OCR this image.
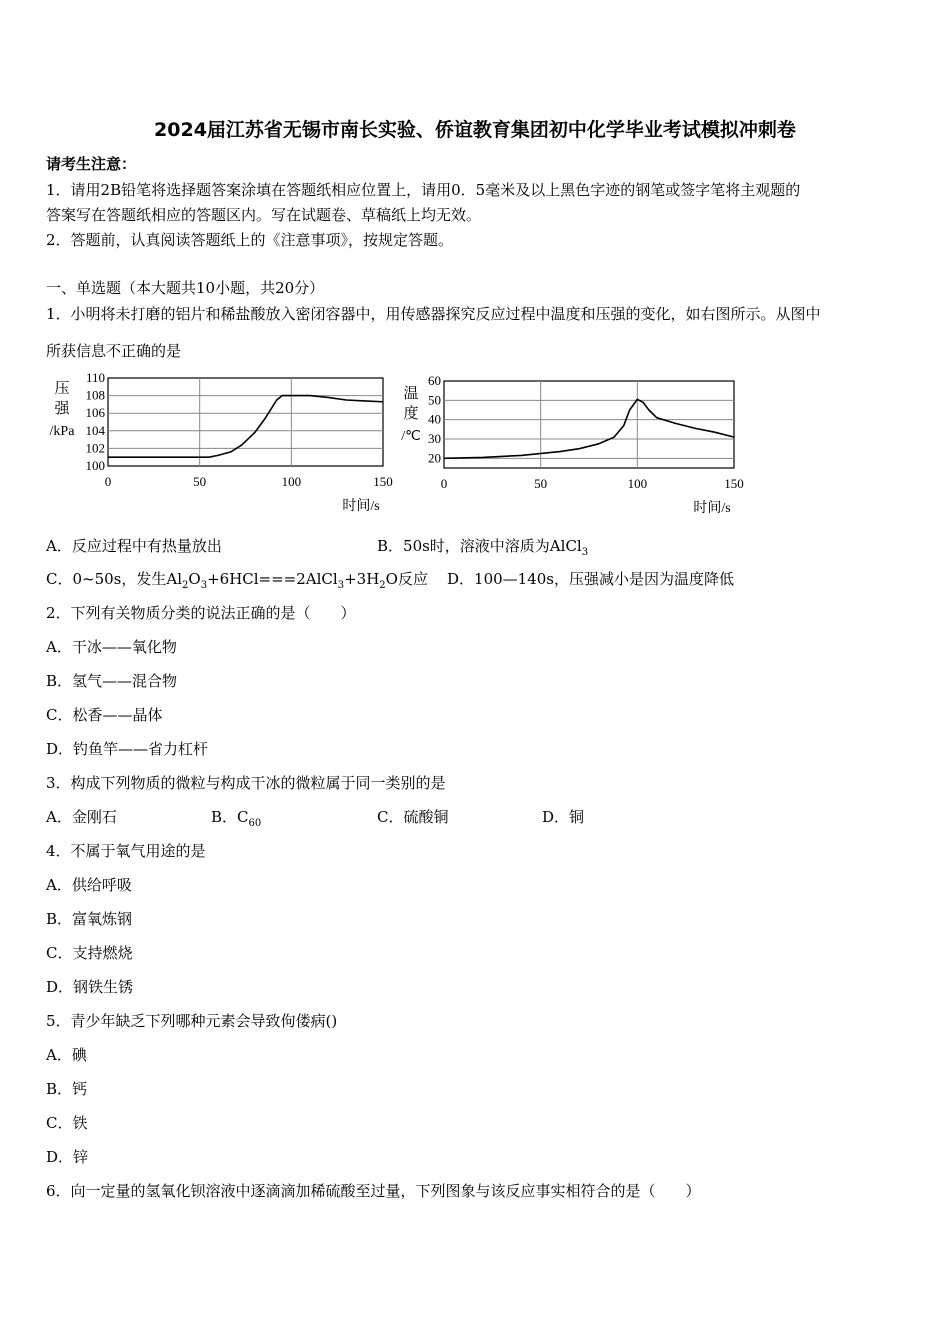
2024届江苏省无锡市南长实验、侨谊教育集团初中化学毕业考试模拟冲刺卷
请考生注意：
1．请用2B铅笔将选择题答案涂填在答题纸相应位置上，请用0．5毫米及以上黑色字迹的钢笔或签字笔将主观题的
答案写在答题纸相应的答题区内。写在试题卷、草稿纸上均无效。
2．答题前，认真阅读答题纸上的《注意事项》，按规定答题。
一、单选题（本大题共10小题，共20分）
1．小明将未打磨的铝片和稀盐酸放入密闭容器中，用传感器探究反应过程中温度和压强的变化，如右图所示。从图中
所获信息不正确的是
0	50	100	150
100
102
104
106
108
110
压
强
/kPa
时间/s
0	50	100	150
20
30
40
50
60
温
度
/℃
时间/s
A．反应过程中有热量放出	B．50s时，溶液中溶质为AlCl$_3$
C．0~50s，发生$Al_2O_3+6HCl===2AlCl_3+3H_2O$反应 D．100—140s，压强减小是因为温度降低
2．下列有关物质分类的说法正确的是（　　）
A．干冰——氧化物
B．氢气——混合物
C．松香——晶体
D．钓鱼竿——省力杠杆
3．构成下列物质的微粒与构成干冰的微粒属于同一类别的是
A．金刚石	B．$C_{60}$	C．硫酸铜	D．铜
4．不属于氧气用途的是
A．供给呼吸
B．富氧炼钢
C．支持燃烧
D．钢铁生锈
5．青少年缺乏下列哪种元素会导致佝偻病()
A．碘
B．钙
C．铁
D．锌
6．向一定量的氢氧化钡溶液中逐滴滴加稀硫酸至过量，下列图象与该反应事实相符合的是（　　）
